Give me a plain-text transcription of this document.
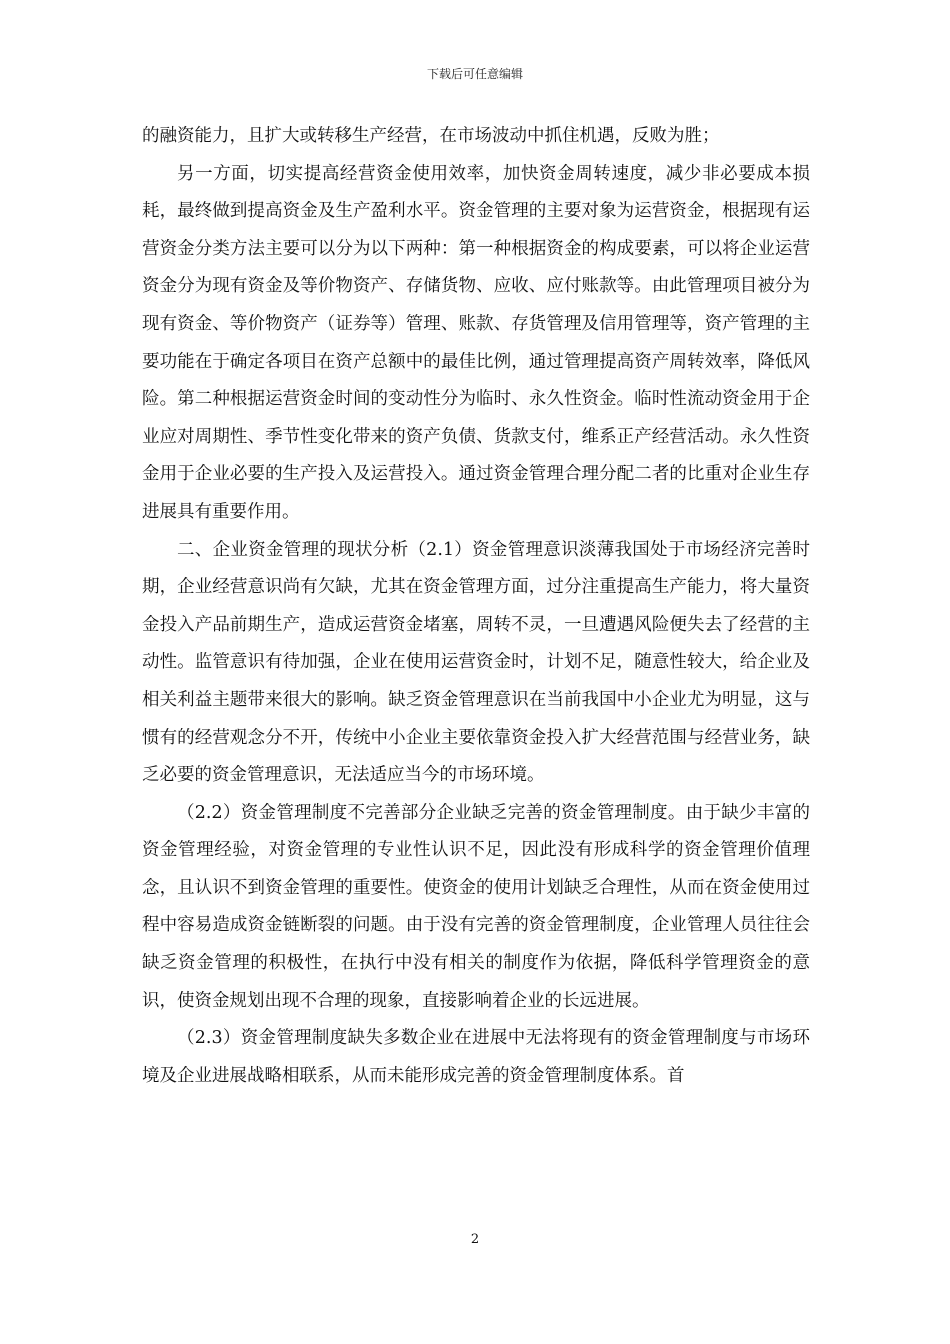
下载后可任意编辑

的融资能力，且扩大或转移生产经营，在市场波动中抓住机遇，反败为胜；

另一方面，切实提高经营资金使用效率，加快资金周转速度，减少非必要成本损耗，最终做到提高资金及生产盈利水平。资金管理的主要对象为运营资金，根据现有运营资金分类方法主要可以分为以下两种：第一种根据资金的构成要素，可以将企业运营资金分为现有资金及等价物资产、存储货物、应收、应付账款等。由此管理项目被分为现有资金、等价物资产（证券等）管理、账款、存货管理及信用管理等，资产管理的主要功能在于确定各项目在资产总额中的最佳比例，通过管理提高资产周转效率，降低风险。第二种根据运营资金时间的变动性分为临时、永久性资金。临时性流动资金用于企业应对周期性、季节性变化带来的资产负债、货款支付，维系正产经营活动。永久性资金用于企业必要的生产投入及运营投入。通过资金管理合理分配二者的比重对企业生存进展具有重要作用。

二、企业资金管理的现状分析（2.1）资金管理意识淡薄我国处于市场经济完善时期，企业经营意识尚有欠缺，尤其在资金管理方面，过分注重提高生产能力，将大量资金投入产品前期生产，造成运营资金堵塞，周转不灵，一旦遭遇风险便失去了经营的主动性。监管意识有待加强，企业在使用运营资金时，计划不足，随意性较大，给企业及相关利益主题带来很大的影响。缺乏资金管理意识在当前我国中小企业尤为明显，这与惯有的经营观念分不开，传统中小企业主要依靠资金投入扩大经营范围与经营业务，缺乏必要的资金管理意识，无法适应当今的市场环境。

（2.2）资金管理制度不完善部分企业缺乏完善的资金管理制度。由于缺少丰富的资金管理经验，对资金管理的专业性认识不足，因此没有形成科学的资金管理价值理念，且认识不到资金管理的重要性。使资金的使用计划缺乏合理性，从而在资金使用过程中容易造成资金链断裂的问题。由于没有完善的资金管理制度，企业管理人员往往会缺乏资金管理的积极性，在执行中没有相关的制度作为依据，降低科学管理资金的意识，使资金规划出现不合理的现象，直接影响着企业的长远进展。

（2.3）资金管理制度缺失多数企业在进展中无法将现有的资金管理制度与市场环境及企业进展战略相联系，从而未能形成完善的资金管理制度体系。首

2
